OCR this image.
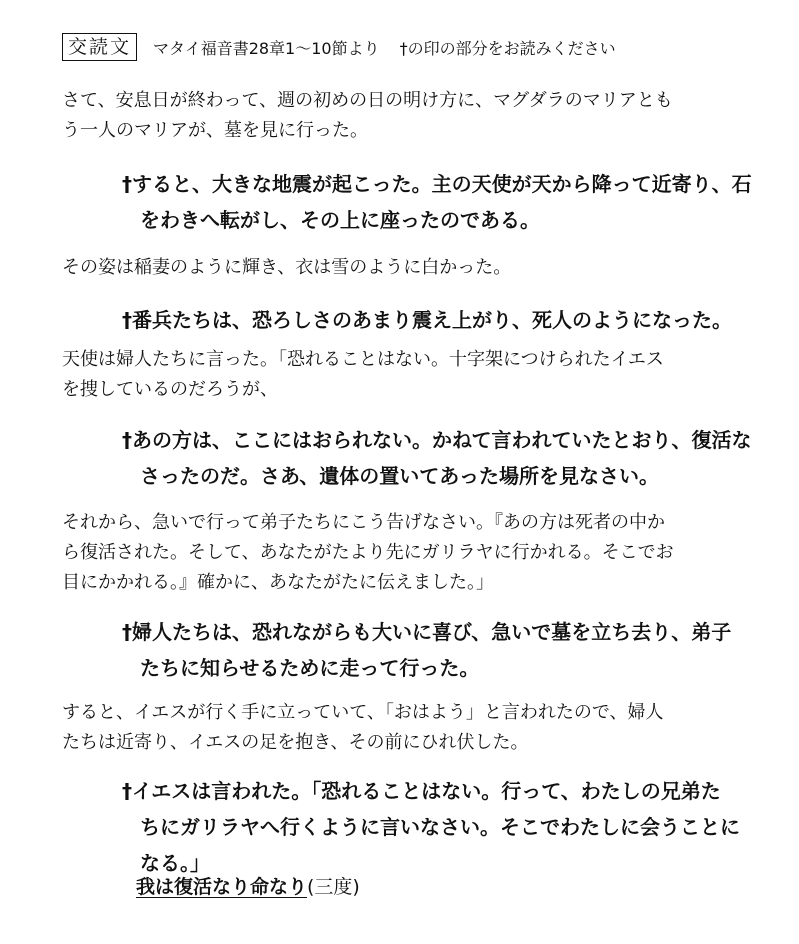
交読文	マタイ福音書28章1〜10節より †の印の部分をお読みください
さて、安息日が終わって、週の初めの日の明け方に、マグダラのマリアとも
う一人のマリアが、墓を見に行った。
†すると、大きな地震が起こった。主の天使が天から降って近寄り、石
をわきへ転がし、その上に座ったのである。
その姿は稲妻のように輝き、衣は雪のように白かった。
†番兵たちは、恐ろしさのあまり震え上がり、死人のようになった。
天使は婦人たちに言った。「恐れることはない。十字架につけられたイエス
を捜しているのだろうが、
†あの方は、ここにはおられない。かねて言われていたとおり、復活な
さったのだ。さあ、遺体の置いてあった場所を見なさい。
それから、急いで行って弟子たちにこう告げなさい。『あの方は死者の中か
ら復活された。そして、あなたがたより先にガリラヤに行かれる。そこでお
目にかかれる。』確かに、あなたがたに伝えました。」
†婦人たちは、恐れながらも大いに喜び、急いで墓を立ち去り、弟子
たちに知らせるために走って行った。
すると、イエスが行く手に立っていて、「おはよう」と言われたので、婦人
たちは近寄り、イエスの足を抱き、その前にひれ伏した。
†イエスは言われた。「恐れることはない。行って、わたしの兄弟た
ちにガリラヤへ行くように言いなさい。そこでわたしに会うことに
なる。」
我は復活なり命なり(三度)
